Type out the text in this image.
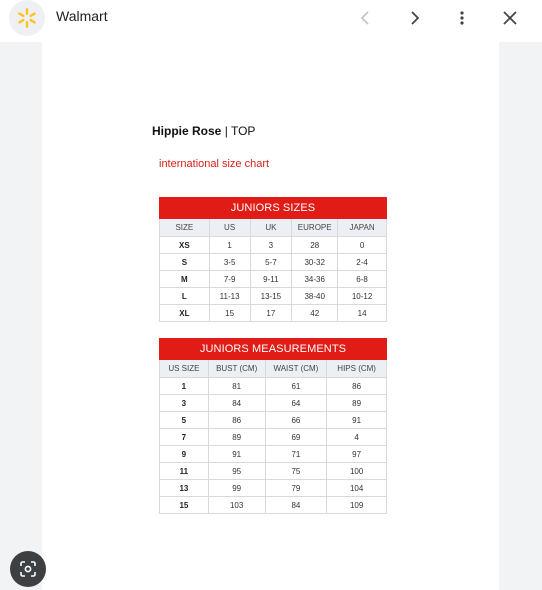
Walmart
Hippie Rose | TOP
international size chart
JUNIORS SIZES				
SIZE	US	UK	EUROPE	JAPAN
XS	1	3	28	0
S	3-5	5-7	30-32	2-4
M	7-9	9-11	34-36	6-8
L	11-13	13-15	38-40	10-12
XL	15	17	42	14
JUNIORS MEASUREMENTS			
US SIZE	BUST (CM)	WAIST (CM)	HIPS (CM)
1	81	61	86
3	84	64	89
5	86	66	91
7	89	69	4
9	91	71	97
11	95	75	100
13	99	79	104
15	103	84	109
